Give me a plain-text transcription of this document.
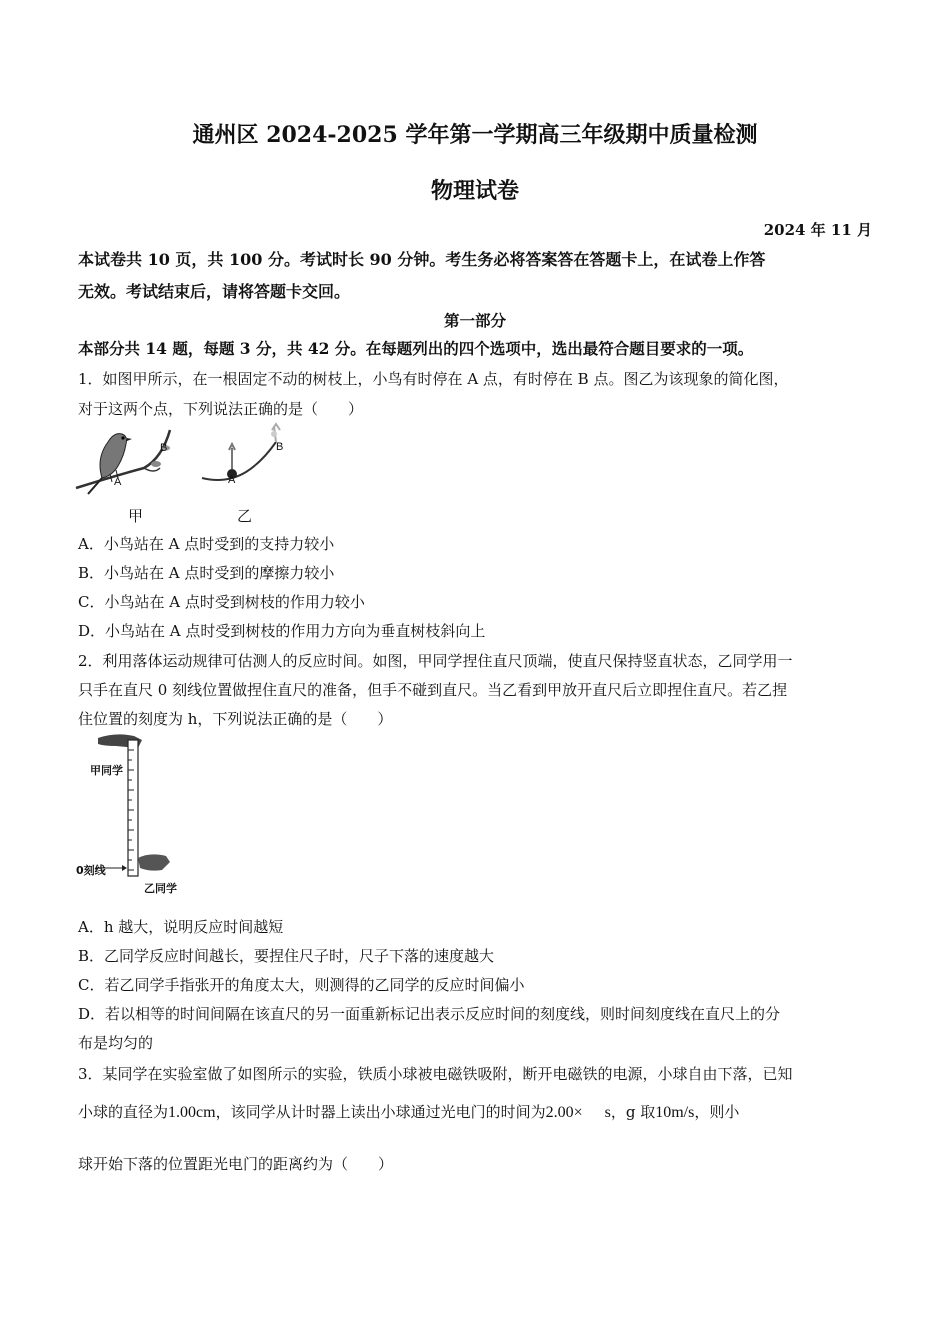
通州区 2024-2025 学年第一学期高三年级期中质量检测
物理试卷
2024 年 11 月
本试卷共 10 页，共 100 分。考试时长 90 分钟。考生务必将答案答在答题卡上，在试卷上作答
无效。考试结束后，请将答题卡交回。
第一部分
本部分共 14 题，每题 3 分，共 42 分。在每题列出的四个选项中，选出最符合题目要求的一项。
1．如图甲所示，在一根固定不动的树枝上，小鸟有时停在 A 点，有时停在 B 点。图乙为该现象的简化图，
对于这两个点，下列说法正确的是（　　）
A
B
A
B
甲	乙
A．小鸟站在 A 点时受到的支持力较小
B．小鸟站在 A 点时受到的摩擦力较小
C．小鸟站在 A 点时受到树枝的作用力较小
D．小鸟站在 A 点时受到树枝的作用力方向为垂直树枝斜向上
2．利用落体运动规律可估测人的反应时间。如图，甲同学捏住直尺顶端，使直尺保持竖直状态，乙同学用一
只手在直尺 0 刻线位置做捏住直尺的准备，但手不碰到直尺。当乙看到甲放开直尺后立即捏住直尺。若乙捏
住位置的刻度为 h，下列说法正确的是（　　）
甲同学
0刻线
乙同学
A．h 越大，说明反应时间越短
B．乙同学反应时间越长，要捏住尺子时，尺子下落的速度越大
C．若乙同学手指张开的角度太大，则测得的乙同学的反应时间偏小
D．若以相等的时间间隔在该直尺的另一面重新标记出表示反应时间的刻度线，则时间刻度线在直尺上的分
布是均匀的
3．某同学在实验室做了如图所示的实验，铁质小球被电磁铁吸附，断开电磁铁的电源，小球自由下落，已知
小球的直径为1.00cm，该同学从计时器上读出小球通过光电门的时间为2.00× s，g 取10m/s，则小
球开始下落的位置距光电门的距离约为（　　）
